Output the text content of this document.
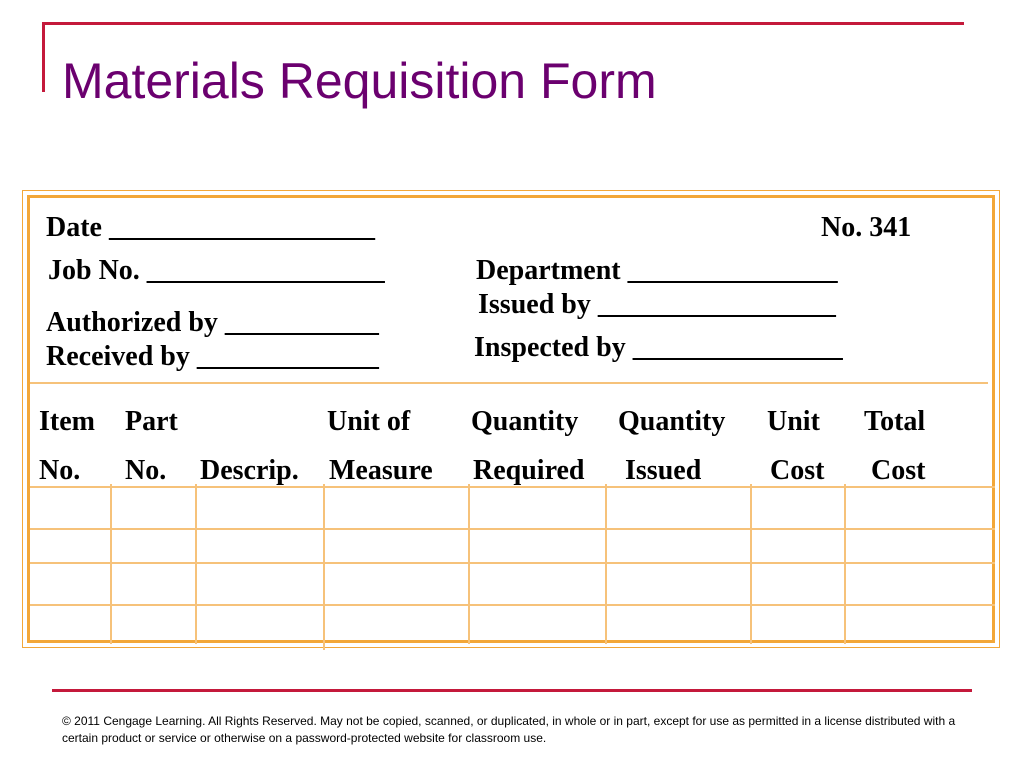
Materials Requisition Form
Date ___________________	No. 341
Job No. _________________	Department _______________
Issued by _________________
Authorized by ___________
Inspected by _______________
Received by _____________
Item
No.
Part
No. Descrip.
Unit of
Measure
Quantity
Required
Quantity
Issued
Unit
Cost
Total
Cost
© 2011 Cengage Learning. All Rights Reserved. May not be copied, scanned, or duplicated, in whole or in part, except for use as permitted in a license distributed with a certain product or service or otherwise on a password-protected website for classroom use.
